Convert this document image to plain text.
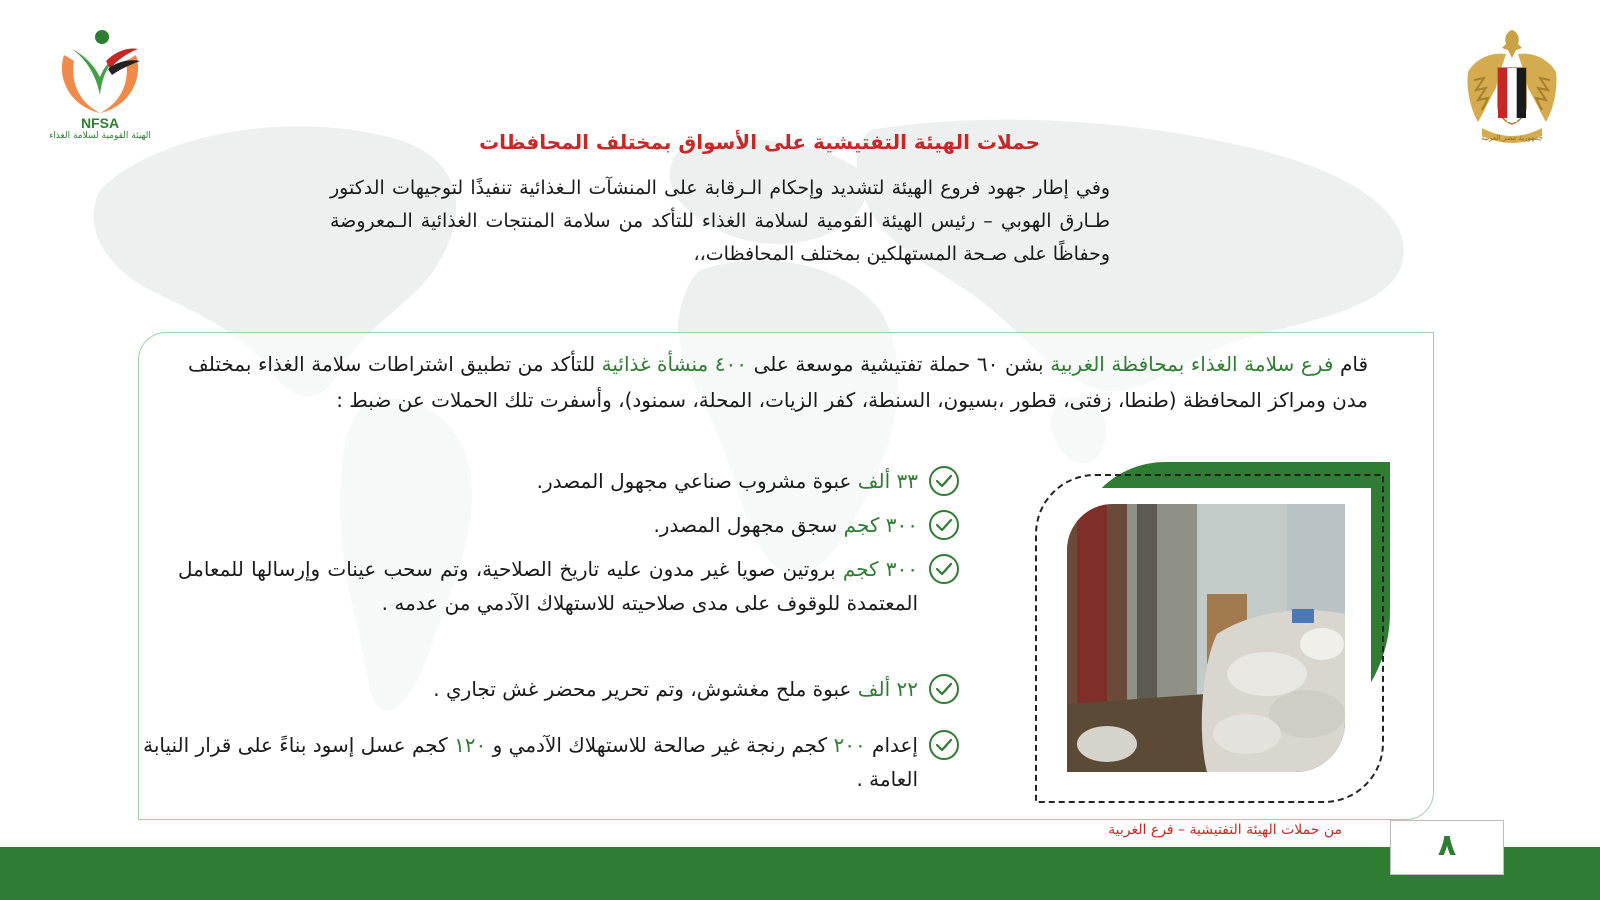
NFSA
الهيئة القومية لسلامة الغذاء	جمهورية مصر العربية
حملات الهيئة التفتيشية على الأسواق بمختلف المحافظات
وفي إطار جهود فروع الهيئة لتشديد وإحكام الـرقابة على المنشآت الـغذائية تنفيذًا لتوجيهات الدكتور طـارق الهوبي – رئيس الهيئة القومية لسلامة الغذاء للتأكد من سلامة المنتجات الغذائية الـمعروضة وحفاظًا على صـحة المستهلكين بمختلف المحافظات،،
قام فرع سلامة الغذاء بمحافظة الغربية بشن ٦٠ حملة تفتيشية موسعة على ٤٠٠ منشأة غذائية للتأكد من تطبيق اشتراطات سلامة الغذاء بمختلف مدن ومراكز المحافظة (طنطا، زفتى، قطور ،بسيون، السنطة، كفر الزيات، المحلة، سمنود)، وأسفرت تلك الحملات عن ضبط :
٣٣ ألف عبوة مشروب صناعي مجهول المصدر.
٣٠٠ كجم سجق مجهول المصدر.
٣٠٠ كجم بروتين صويا غير مدون عليه تاريخ الصلاحية، وتم سحب عينات وإرسالها للمعامل المعتمدة للوقوف على مدى صلاحيته للاستهلاك الآدمي من عدمه .
٢٢ ألف عبوة ملح مغشوش، وتم تحرير محضر غش تجاري .
إعدام ٢٠٠ كجم رنجة غير صالحة للاستهلاك الآدمي و ١٢٠ كجم عسل إسود بناءً على قرار النيابة العامة .
من حملات الهيئة التفتيشية – فرع الغربية	٨
